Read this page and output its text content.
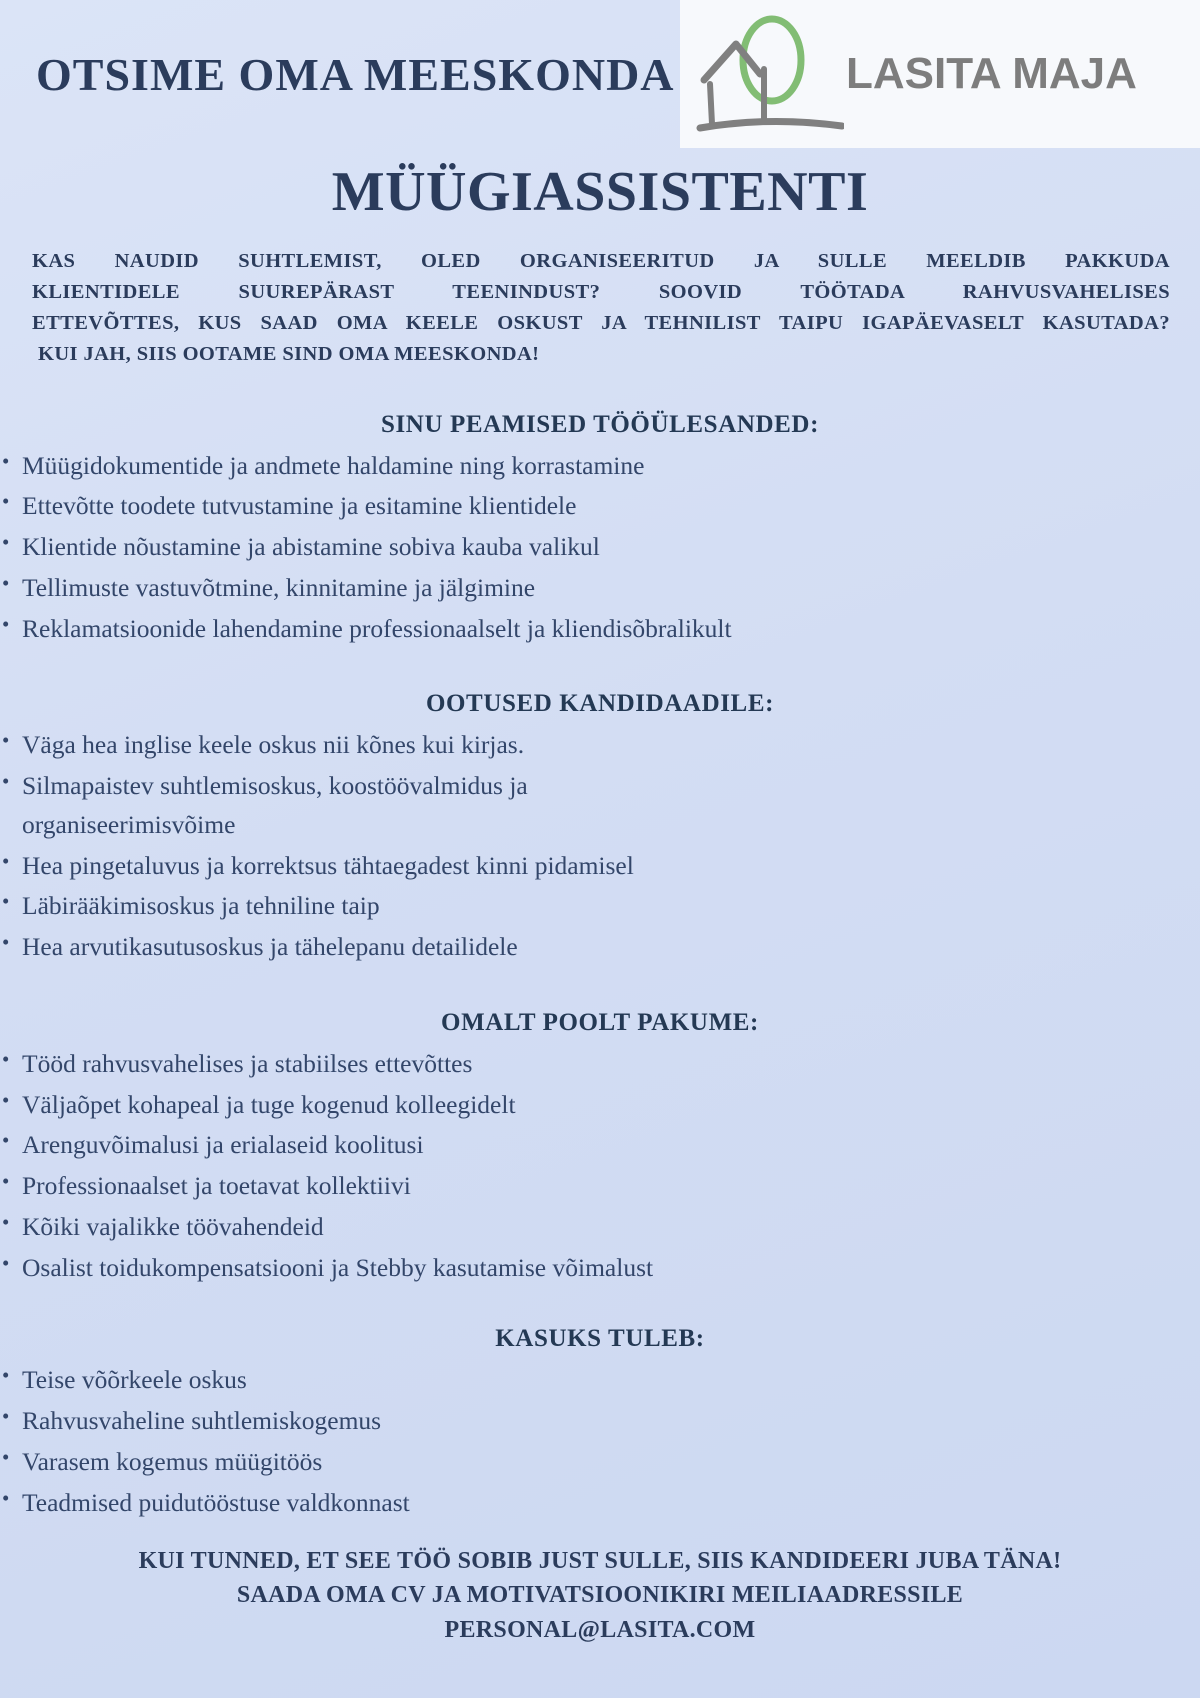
OTSIME OMA MEESKONDA	LASITA MAJA
MÜÜGIASSISTENTI
KAS NAUDID SUHTLEMIST, OLED ORGANISEERITUD JA SULLE MEELDIB PAKKUDA
KLIENTIDELE SUUREPÄRAST TEENINDUST? SOOVID TÖÖTADA RAHVUSVAHELISES
ETTEVÕTTES, KUS SAAD OMA KEELE OSKUST JA TEHNILIST TAIPU IGAPÄEVASELT KASUTADA?
KUI JAH, SIIS OOTAME SIND OMA MEESKONDA!
SINU PEAMISED TÖÖÜLESANDED:
• Müügidokumentide ja andmete haldamine ning korrastamine
• Ettevõtte toodete tutvustamine ja esitamine klientidele
• Klientide nõustamine ja abistamine sobiva kauba valikul
• Tellimuste vastuvõtmine, kinnitamine ja jälgimine
• Reklamatsioonide lahendamine professionaalselt ja kliendisõbralikult
OOTUSED KANDIDAADILE:
• Väga hea inglise keele oskus nii kõnes kui kirjas.
• Silmapaistev suhtlemisoskus, koostöövalmidus ja organiseerimisvõime
• Hea pingetaluvus ja korrektsus tähtaegadest kinni pidamisel
• Läbirääkimisoskus ja tehniline taip
• Hea arvutikasutusoskus ja tähelepanu detailidele
OMALT POOLT PAKUME:
• Tööd rahvusvahelises ja stabiilses ettevõttes
• Väljaõpet kohapeal ja tuge kogenud kolleegidelt
• Arenguvõimalusi ja erialaseid koolitusi
• Professionaalset ja toetavat kollektiivi
• Kõiki vajalikke töövahendeid
• Osalist toidukompensatsiooni ja Stebby kasutamise võimalust
KASUKS TULEB:
• Teise võõrkeele oskus
• Rahvusvaheline suhtlemiskogemus
• Varasem kogemus müügitöös
• Teadmised puidutööstuse valdkonnast
KUI TUNNED, ET SEE TÖÖ SOBIB JUST SULLE, SIIS KANDIDEERI JUBA TÄNA!
SAADA OMA CV JA MOTIVATSIOONIKIRI MEILIAADRESSILE
PERSONAL@LASITA.COM
